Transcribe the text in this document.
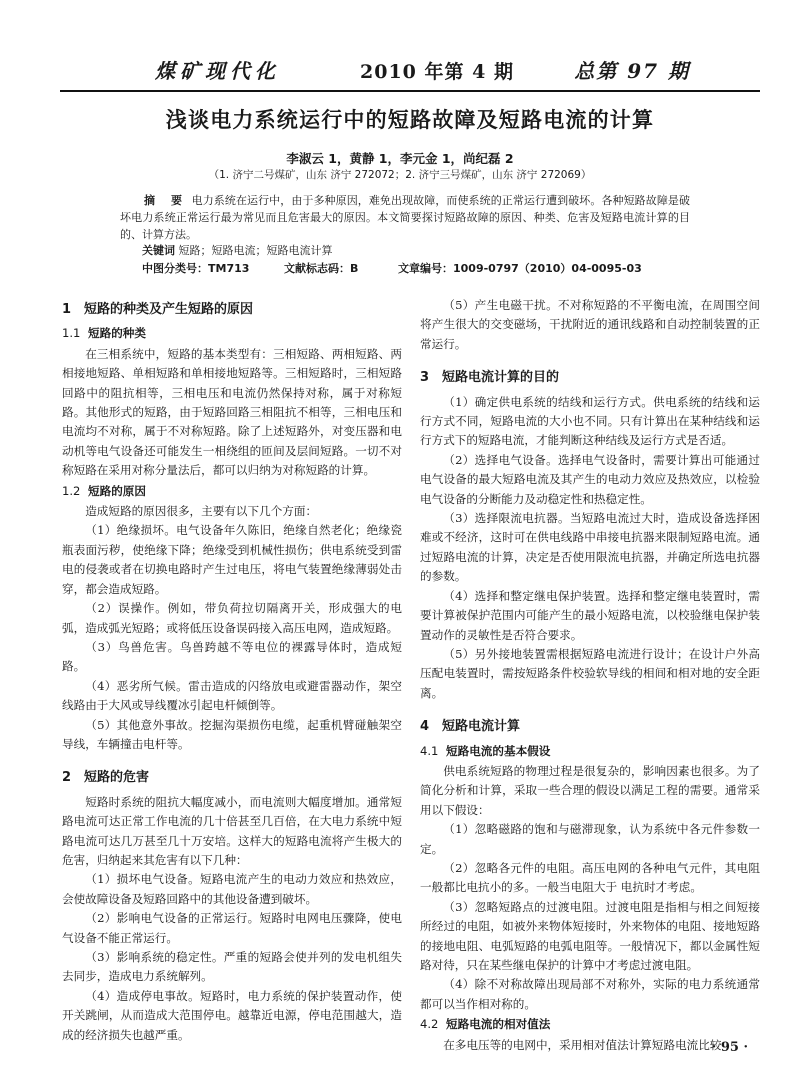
煤矿现代化	2010 年第 4 期	总第 97 期
浅谈电力系统运行中的短路故障及短路电流的计算
李淑云 1，黄静 1，李元金 1，尚纪磊 2
（1. 济宁二号煤矿，山东 济宁 272072；2. 济宁三号煤矿，山东 济宁 272069）
摘 要 电力系统在运行中，由于多种原因，难免出现故障，而使系统的正常运行遭到破坏。各种短路故障是破坏电力系统正常运行最为常见而且危害最大的原因。本文简要探讨短路故障的原因、种类、危害及短路电流计算的目的、计算方法。
关键词 短路；短路电流；短路电流计算
中图分类号：TM713	文献标志码：B	文章编号：1009-0797（2010）04-0095-03
1 短路的种类及产生短路的原因
1.1 短路的种类

在三相系统中，短路的基本类型有：三相短路、两相短路、两相接地短路、单相短路和单相接地短路等。三相短路时，三相短路回路中的阻抗相等，三相电压和电流仍然保持对称，属于对称短路。其他形式的短路，由于短路回路三相阻抗不相等，三相电压和电流均不对称，属于不对称短路。除了上述短路外，对变压器和电动机等电气设备还可能发生一相绕组的匝间及层间短路。一切不对称短路在采用对称分量法后，都可以归纳为对称短路的计算。

1.2 短路的原因

造成短路的原因很多，主要有以下几个方面：

（1）绝缘损坏。电气设备年久陈旧，绝缘自然老化；绝缘瓷瓶表面污秽，使绝缘下降；绝缘受到机械性损伤；供电系统受到雷电的侵袭或者在切换电路时产生过电压，将电气装置绝缘薄弱处击穿，都会造成短路。

（2）误操作。例如，带负荷拉切隔离开关，形成强大的电弧，造成弧光短路；或将低压设备误码接入高压电网，造成短路。

（3）鸟兽危害。鸟兽跨越不等电位的裸露导体时，造成短路。

（4）恶劣所气候。雷击造成的闪络放电或避雷器动作，架空线路由于大风或导线覆冰引起电杆倾倒等。

（5）其他意外事故。挖掘沟渠损伤电缆，起重机臂碰触架空导线，车辆撞击电杆等。

2 短路的危害

短路时系统的阻抗大幅度减小，而电流则大幅度增加。通常短路电流可达正常工作电流的几十倍甚至几百倍，在大电力系统中短路电流可达几万甚至几十万安培。这样大的短路电流将产生极大的危害，归纳起来其危害有以下几种：

（1）损坏电气设备。短路电流产生的电动力效应和热效应，会使故障设备及短路回路中的其他设备遭到破坏。

（2）影响电气设备的正常运行。短路时电网电压骤降，使电气设备不能正常运行。

（3）影响系统的稳定性。严重的短路会使并列的发电机组失去同步，造成电力系统解列。

（4）造成停电事故。短路时，电力系统的保护装置动作，使开关跳闸，从而造成大范围停电。越靠近电源，停电范围越大，造成的经济损失也越严重。

（5）产生电磁干扰。不对称短路的不平衡电流，在周围空间将产生很大的交变磁场，干扰附近的通讯线路和自动控制装置的正常运行。

3 短路电流计算的目的

（1）确定供电系统的结线和运行方式。供电系统的结线和运行方式不同，短路电流的大小也不同。只有计算出在某种结线和运行方式下的短路电流，才能判断这种结线及运行方式是否适。

（2）选择电气设备。选择电气设备时，需要计算出可能通过电气设备的最大短路电流及其产生的电动力效应及热效应，以检验电气设备的分断能力及动稳定性和热稳定性。

（3）选择限流电抗器。当短路电流过大时，造成设备选择困难或不经济，这时可在供电线路中串接电抗器来限制短路电流。通过短路电流的计算，决定是否使用限流电抗器，并确定所选电抗器的参数。

（4）选择和整定继电保护装置。选择和整定继电装置时，需要计算被保护范围内可能产生的最小短路电流，以校验继电保护装置动作的灵敏性是否符合要求。

（5）另外接地装置需根据短路电流进行设计；在设计户外高压配电装置时，需按短路条件校验软导线的相间和相对地的安全距离。

4 短路电流计算
4.1 短路电流的基本假设

供电系统短路的物理过程是很复杂的，影响因素也很多。为了简化分析和计算，采取一些合理的假设以满足工程的需要。通常采用以下假设：

（1）忽略磁路的饱和与磁滞现象，认为系统中各元件参数一定。

（2）忽略各元件的电阻。高压电网的各种电气元件，其电阻一般都比电抗小的多。一般当电阻大于 电抗时才考虑。

（3）忽略短路点的过渡电阻。过渡电阻是指相与相之间短接所经过的电阻，如被外来物体短接时，外来物体的电阻、接地短路的接地电阻、电弧短路的电弧电阻等。一般情况下，都以金属性短路对待，只在某些继电保护的计算中才考虑过渡电阻。

（4）除不对称故障出现局部不对称外，实际的电力系统通常都可以当作相对称的。

4.2 短路电流的相对值法

在多电压等的电网中，采用相对值法计算短路电流比较

· 95 ·
